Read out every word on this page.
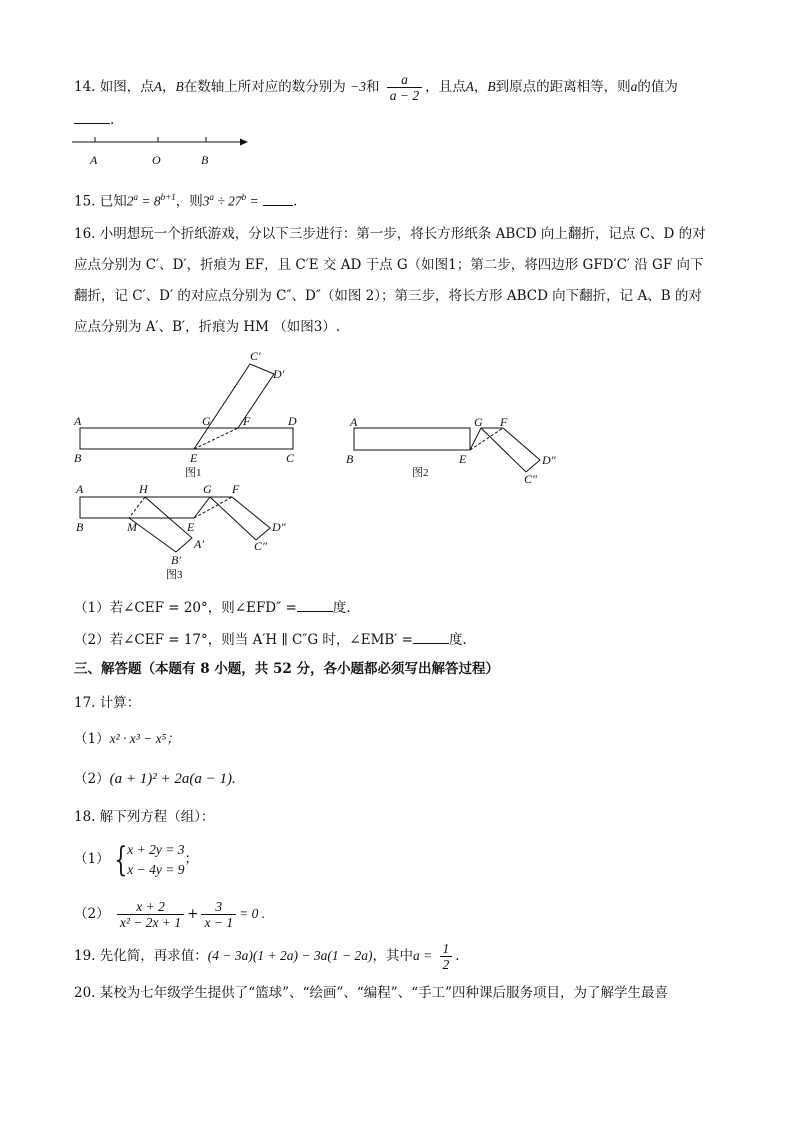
14. 如图，点A，B在数轴上所对应的数分别为 −3和 $\frac{a}{a - 2}$ ，且点A，B到原点的距离相等，则a的值为
.
A	O	B
15. 已知$2^a = 8^{b+1}$，则$3^a \div 27^b$ =	.
16. 小明想玩一个折纸游戏，分以下三步进行：第一步，将长方形纸条 ABCD 向上翻折，记点 C、D 的对
应点分别为 C′、D′，折痕为 EF，且 C′E 交 AD 于点 G（如图1；第二步，将四边形 GFD′C′ 沿 GF 向下
翻折，记 C′、D′ 的对应点分别为 C″、D″（如图 2）；第三步，将长方形 ABCD 向下翻折，记 A、B 的对
应点分别为 A′、B′，折痕为 HM （如图3）.
A
B	C
D
E
F
G
C′
D′
图1
A
B	E
G F
D″
C″
图2
A	H	G F
B	M	E
A′
B′
D″
C″
图3
（1）若∠CEF = 20°，则∠EFD″ =	度.
（2）若∠CEF = 17°，则当 A′H ∥ C″G 时，∠EMB′ =	度.
三、解答题（本题有 8 小题，共 52 分，各小题都必须写出解答过程）
17. 计算：
（1）x² · x³ − x⁵；
（2）(a + 1)² + 2a(a − 1).
18. 解下列方程（组）：
（1） { x + 2y = 3
x − 4y = 9
；
$(2) \frac{x + 2}{\text{x² − 2x + 1}} + \frac{3}{x - 1} = 0$ .
19. 先化简，再求值：(4 − 3a)(1 + 2a) − 3a(1 − 2a)，其中$a = \frac{1}{2}$ .
20. 某校为七年级学生提供了“篮球”、“绘画”、“编程”、“手工”四种课后服务项目，为了解学生最喜
